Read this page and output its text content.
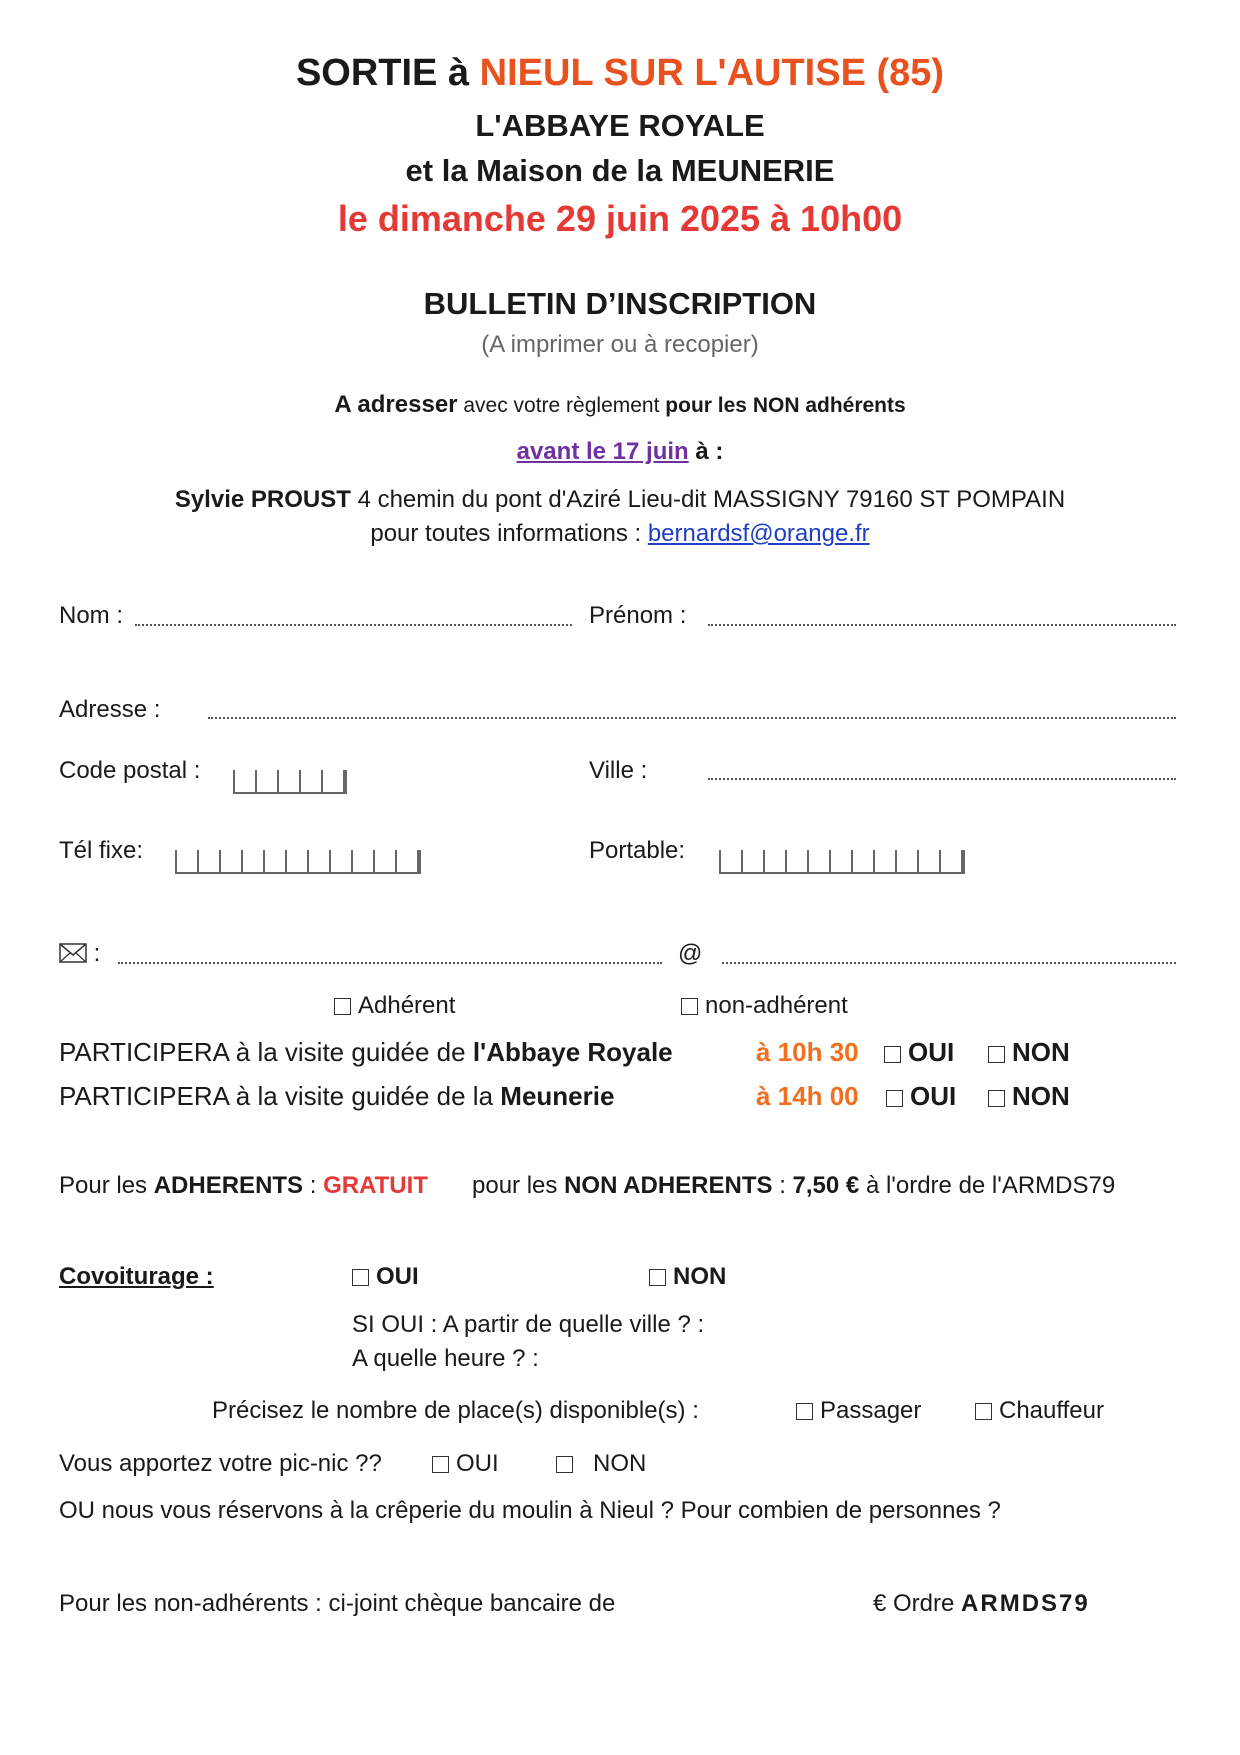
SORTIE à NIEUL SUR L'AUTISE (85)
L'ABBAYE ROYALE
et la Maison de la MEUNERIE
le dimanche 29 juin 2025 à 10h00
BULLETIN D’INSCRIPTION
(A imprimer ou à recopier)
A adresser avec votre règlement pour les NON adhérents
avant le 17 juin à :
Sylvie PROUST 4 chemin du pont d'Aziré Lieu-dit MASSIGNY 79160 ST POMPAIN
pour toutes informations : bernardsf@orange.fr
Nom :	Prénom :
Adresse :
Code postal :	Ville :
Tél fixe:	Portable:
:	@
Adhérent	non-adhérent
PARTICIPERA à la visite guidée de l'Abbaye Royale	à 10h 30	OUI	NON
PARTICIPERA à la visite guidée de la Meunerie	à 14h 00	OUI	NON
Pour les ADHERENTS : GRATUIT pour les NON ADHERENTS : 7,50 € à l'ordre de l'ARMDS79
Covoiturage :	OUI	NON
SI OUI : A partir de quelle ville ? :
A quelle heure ? :
Précisez le nombre de place(s) disponible(s) :	Passager	Chauffeur
Vous apportez votre pic-nic ??	OUI	NON
OU nous vous réservons à la crêperie du moulin à Nieul ? Pour combien de personnes ?
Pour les non-adhérents : ci-joint chèque bancaire de	€ Ordre ARMDS79
